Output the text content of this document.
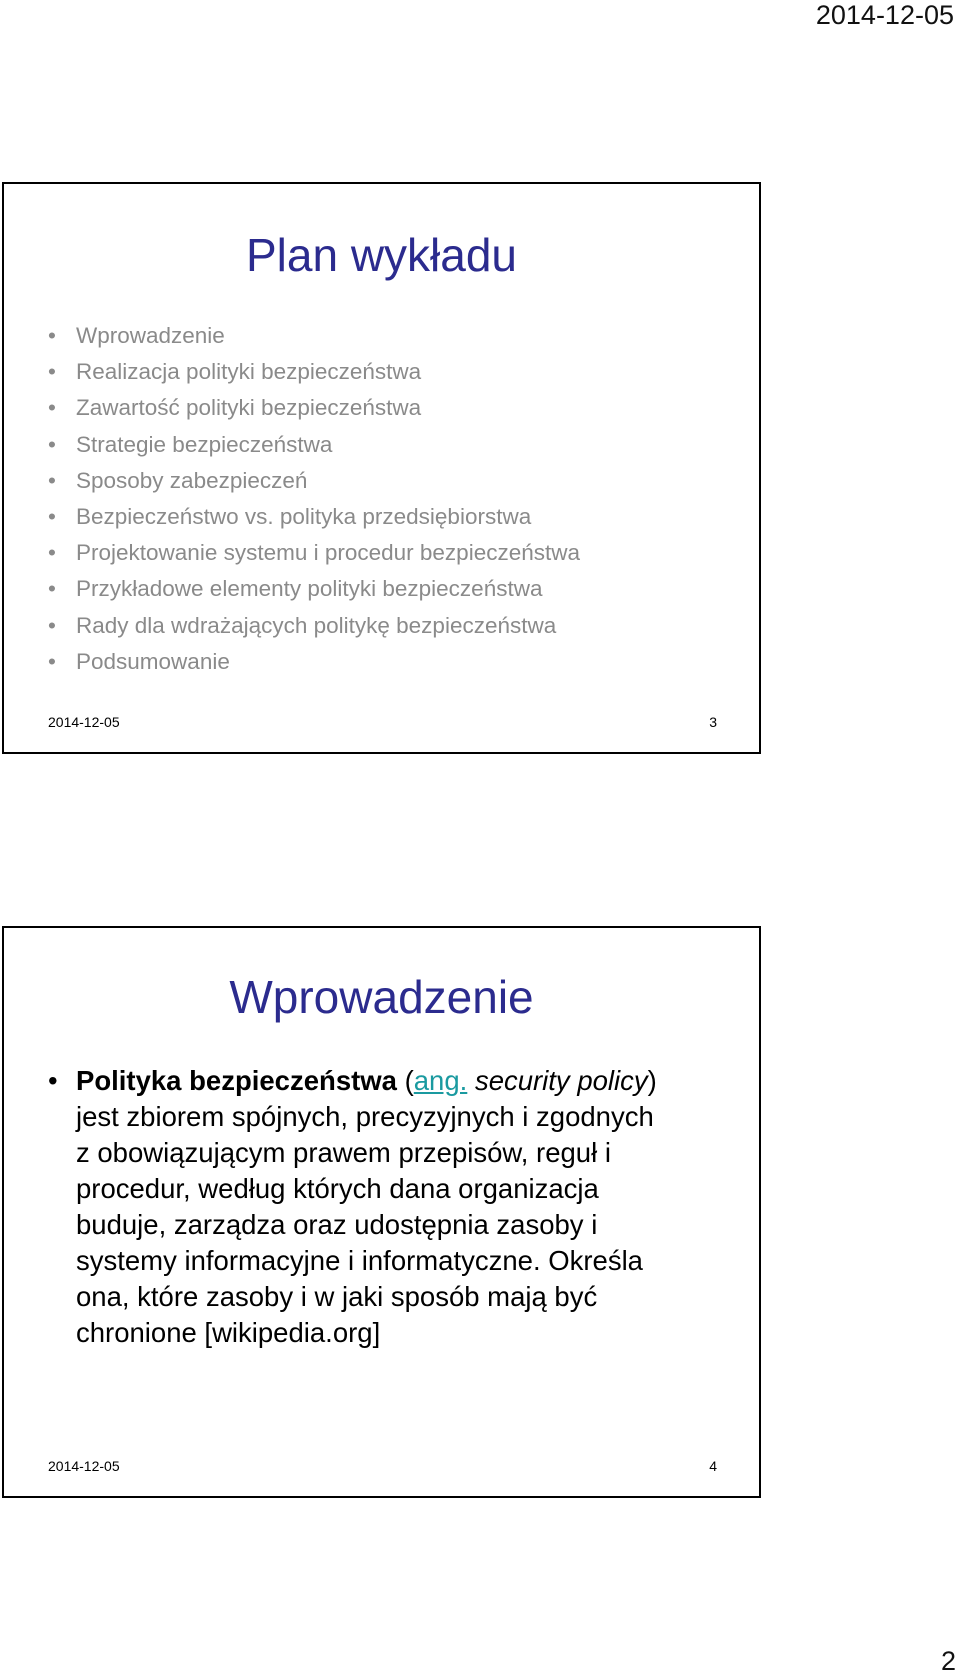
2014-12-05
Plan wykładu
• Wprowadzenie
• Realizacja polityki bezpieczeństwa
• Zawartość polityki bezpieczeństwa
• Strategie bezpieczeństwa
• Sposoby zabezpieczeń
• Bezpieczeństwo vs. polityka przedsiębiorstwa
• Projektowanie systemu i procedur bezpieczeństwa
• Przykładowe elementy polityki bezpieczeństwa
• Rady dla wdrażających politykę bezpieczeństwa
• Podsumowanie
2014-12-05	3
Wprowadzenie
• Polityka bezpieczeństwa (ang. security policy)
jest zbiorem spójnych, precyzyjnych i zgodnych
z obowiązującym prawem przepisów, reguł i
procedur, według których dana organizacja
buduje, zarządza oraz udostępnia zasoby i
systemy informacyjne i informatyczne. Określa
ona, które zasoby i w jaki sposób mają być
chronione [wikipedia.org]
2014-12-05	4
2
